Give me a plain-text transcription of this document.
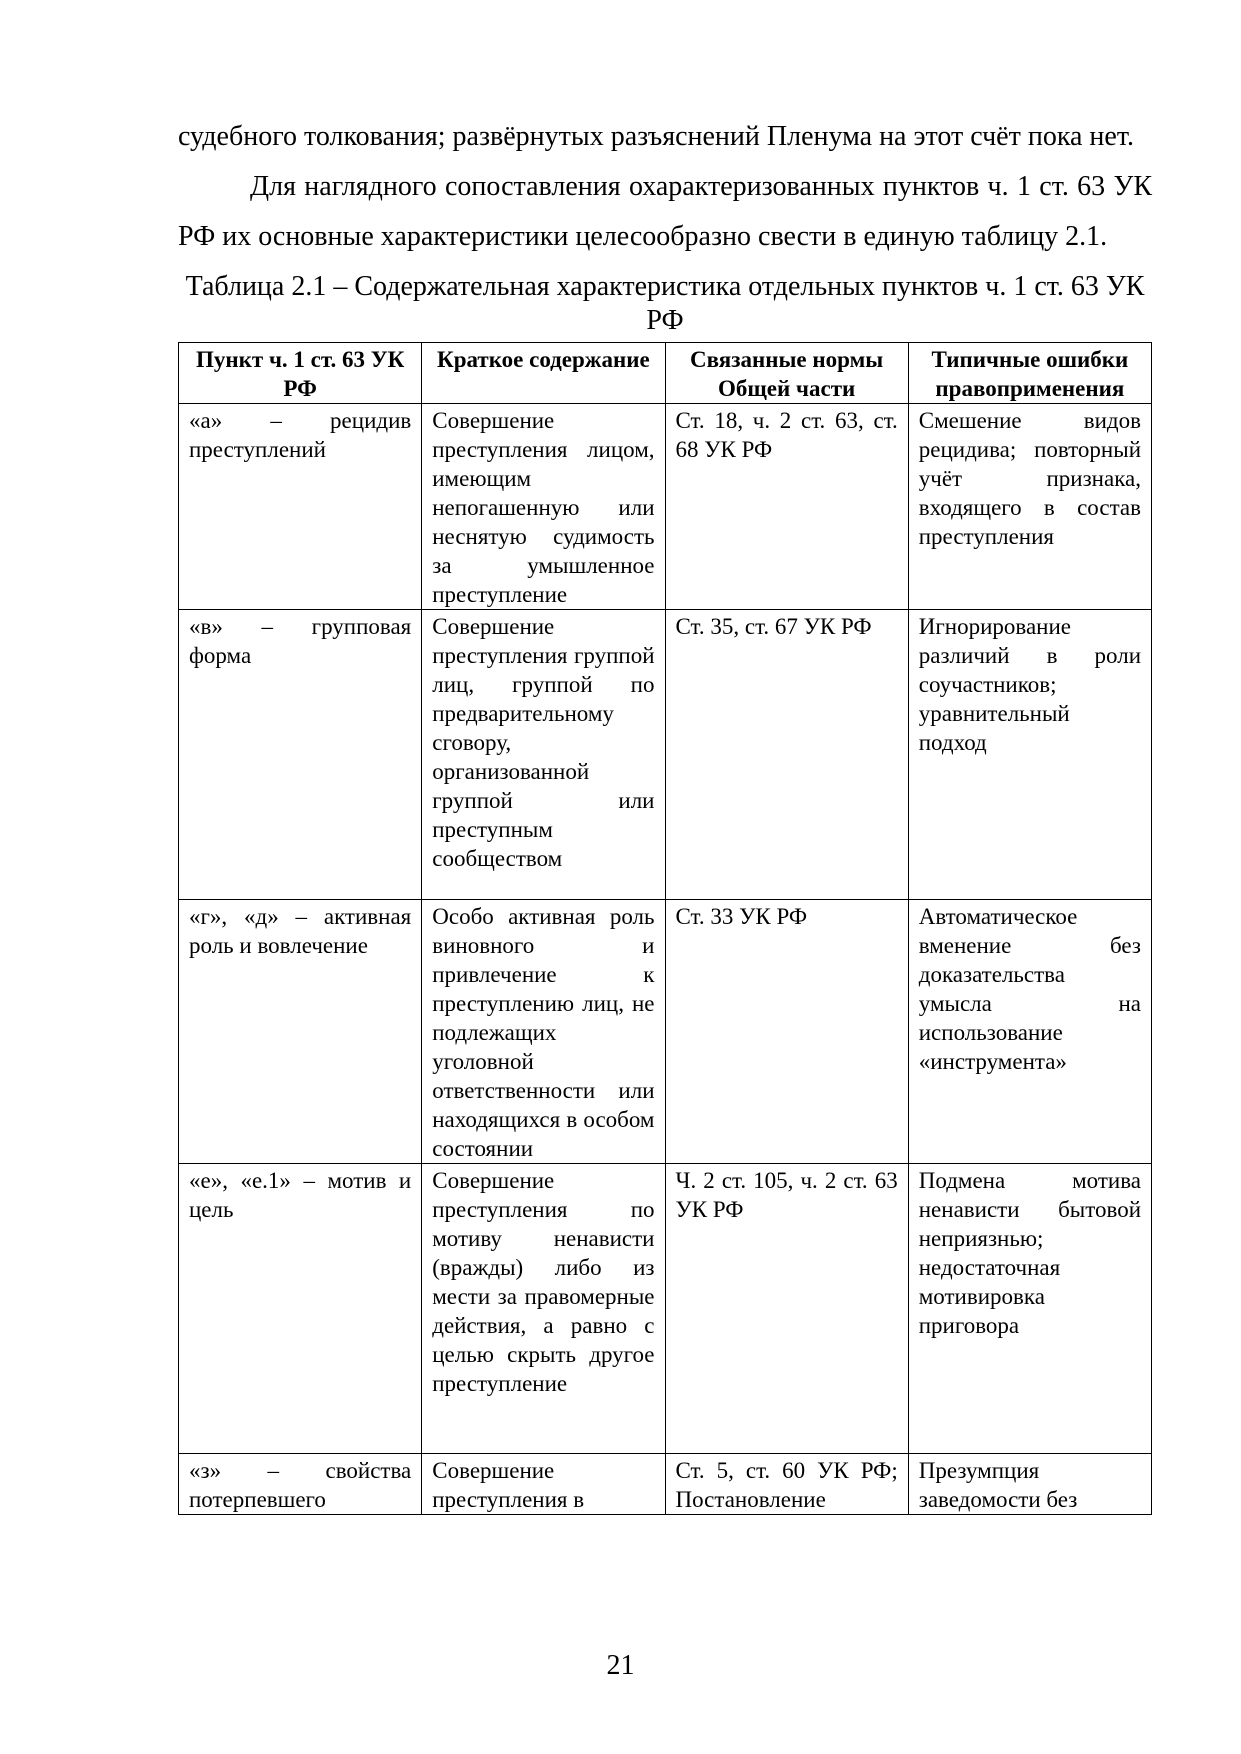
судебного толкования; развёрнутых разъяснений Пленума на этот счёт пока нет.

Для наглядного сопоставления охарактеризованных пунктов ч. 1 ст. 63 УК РФ их основные характеристики целесообразно свести в единую таблицу 2.1.

Таблица 2.1 – Содержательная характеристика отдельных пунктов ч. 1 ст. 63 УК РФ
Пункт ч. 1 ст. 63 УК РФ	Краткое содержание	Связанные нормы Общей части	Типичные ошибки правоприменения
«а» – рецидив преступлений	Совершение преступления лицом, имеющим непогашенную или неснятую судимость за умышленное преступление	Ст. 18, ч. 2 ст. 63, ст. 68 УК РФ	Смешение видов рецидива; повторный учёт признака, входящего в состав преступления
«в» – групповая форма	Совершение преступления группой лиц, группой по предварительному сговору, организованной группой или преступным сообществом	Ст. 35, ст. 67 УК РФ	Игнорирование различий в роли соучастников; уравнительный подход
«г», «д» – активная роль и вовлечение	Особо активная роль виновного и привлечение к преступлению лиц, не подлежащих уголовной ответственности или находящихся в особом состоянии	Ст. 33 УК РФ	Автоматическое вменение без доказательства умысла на использование «инструмента»
«е», «е.1» – мотив и цель	Совершение преступления по мотиву ненависти (вражды) либо из мести за правомерные действия, а равно с целью скрыть другое преступление	Ч. 2 ст. 105, ч. 2 ст. 63 УК РФ	Подмена мотива ненависти бытовой неприязнью; недостаточная мотивировка приговора
«з» – свойства потерпевшего	Совершение преступления в	Ст. 5, ст. 60 УК РФ; Постановление	Презумпция заведомости без
21
